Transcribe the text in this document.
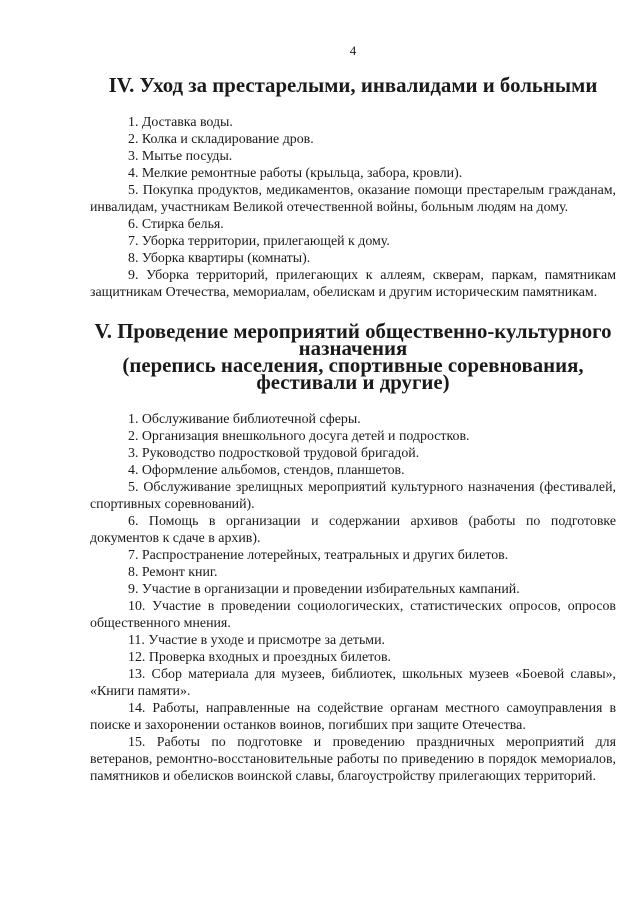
4
IV. Уход за престарелыми, инвалидами и больными

1. Доставка воды.

2. Колка и складирование дров.

3. Мытье посуды.

4. Мелкие ремонтные работы (крыльца, забора, кровли).

5. Покупка продуктов, медикаментов, оказание помощи престарелым гражданам, инвалидам, участникам Великой отечественной войны, больным людям на дому.

6. Стирка белья.

7. Уборка территории, прилегающей к дому.

8. Уборка квартиры (комнаты).

9. Уборка территорий, прилегающих к аллеям, скверам, паркам, памятникам защитникам Отечества, мемориалам, обелискам и другим историческим памятникам.

V. Проведение мероприятий общественно-культурного назначения
(перепись населения, спортивные соревнования, фестивали и другие)

1. Обслуживание библиотечной сферы.

2. Организация внешкольного досуга детей и подростков.

3. Руководство подростковой трудовой бригадой.

4. Оформление альбомов, стендов, планшетов.

5. Обслуживание зрелищных мероприятий культурного назначения (фестивалей, спортивных соревнований).

6. Помощь в организации и содержании архивов (работы по подготовке документов к сдаче в архив).

7. Распространение лотерейных, театральных и других билетов.

8. Ремонт книг.

9. Участие в организации и проведении избирательных кампаний.

10. Участие в проведении социологических, статистических опросов, опросов общественного мнения.

11. Участие в уходе и присмотре за детьми.

12. Проверка входных и проездных билетов.

13. Сбор материала для музеев, библиотек, школьных музеев «Боевой славы», «Книги памяти».

14. Работы, направленные на содействие органам местного самоуправления в поиске и захоронении останков воинов, погибших при защите Отечества.

15. Работы по подготовке и проведению праздничных мероприятий для ветеранов, ремонтно-восстановительные работы по приведению в порядок мемориалов, памятников и обелисков воинской славы, благоустройству прилегающих территорий.
